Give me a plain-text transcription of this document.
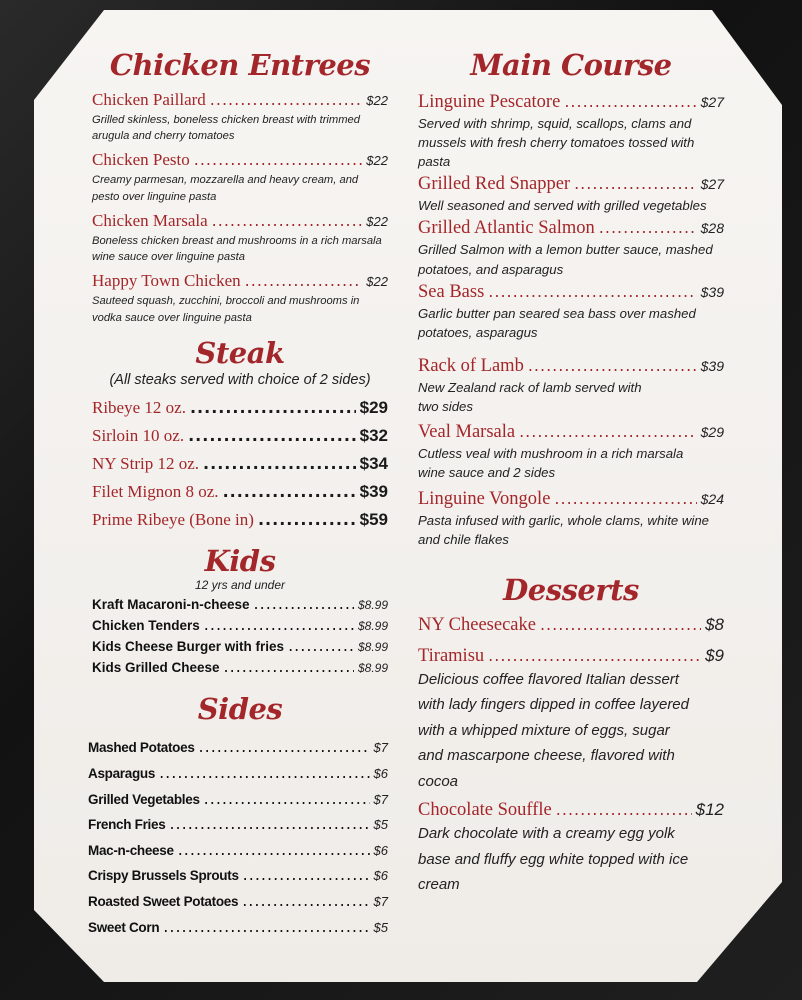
Chicken Entrees
Chicken Paillard .....	$22
Grilled skinless, boneless chicken breast with trimmed arugula and cherry tomatoes
Chicken Pesto .....	$22
Creamy parmesan, mozzarella and heavy cream, and pesto over linguine pasta
Chicken Marsala .....	$22
Boneless chicken breast and mushrooms in a rich marsala wine sauce over linguine pasta
Happy Town Chicken .....	$22
Sauteed squash, zucchini, broccoli and mushrooms in vodka sauce over linguine pasta
Steak
(All steaks served with choice of 2 sides)
Ribeye 12 oz. .....	$29
Sirloin 10 oz. .....	$32
NY Strip 12 oz. .....	$34
Filet Mignon 8 oz. .....	$39
Prime Ribeye (Bone in) .....	$59
Kids
12 yrs and under
Kraft Macaroni-n-cheese .....	$8.99
Chicken Tenders .....	$8.99
Kids Cheese Burger with fries .....	$8.99
Kids Grilled Cheese .....	$8.99
Sides
Mashed Potatoes .....	$7
Asparagus .....	$6
Grilled Vegetables .....	$7
French Fries .....	$5
Mac-n-cheese .....	$6
Crispy Brussels Sprouts .....	$6
Roasted Sweet Potatoes .....	$7
Sweet Corn .....	$5
Main Course
Linguine Pescatore .....	$27
Served with shrimp, squid, scallops, clams and mussels with fresh cherry tomatoes tossed with pasta
Grilled Red Snapper .....	$27
Well seasoned and served with grilled vegetables
Grilled Atlantic Salmon .....	$28
Grilled Salmon with a lemon butter sauce, mashed potatoes, and asparagus
Sea Bass .....	$39
Garlic butter pan seared sea bass over mashed potatoes, asparagus
Rack of Lamb .....	$39
New Zealand rack of lamb served with two sides
Veal Marsala .....	$29
Cutless veal with mushroom in a rich marsala wine sauce and 2 sides
Linguine Vongole .....	$24
Pasta infused with garlic, whole clams, white wine and chile flakes
Desserts
NY Cheesecake .....	$8
Tiramisu .....	$9
Delicious coffee flavored Italian dessert with lady fingers dipped in coffee layered with a whipped mixture of eggs, sugar and mascarpone cheese, flavored with cocoa
Chocolate Souffle .....	$12
Dark chocolate with a creamy egg yolk base and fluffy egg white topped with ice cream
